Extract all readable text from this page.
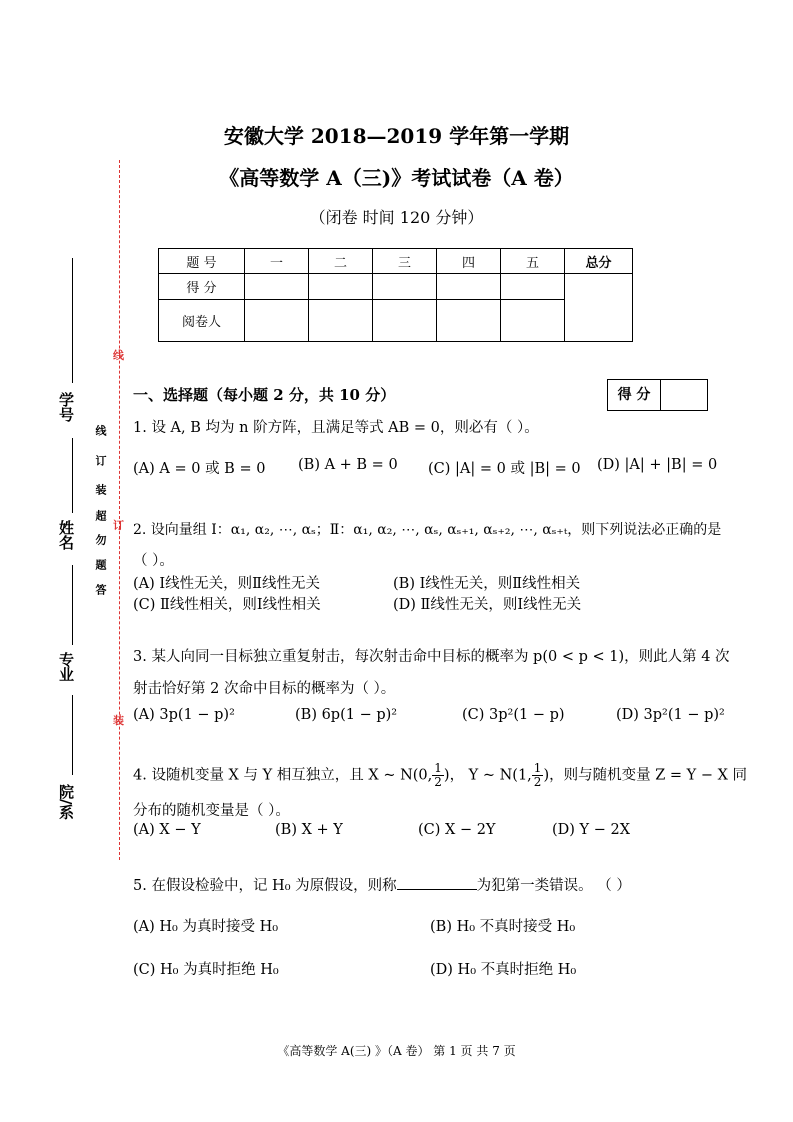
安徽大学 2018—2019 学年第一学期
《高等数学 A（三)》考试试卷（A 卷）
（闭卷 时间 120 分钟）
题 号	一	二	三	四	五	总分
得 分						
阅卷人						
线
订
装
学号
姓名
专业
院/系
线
订
装
超
勿
题
答
一、选择题（每小题 2 分，共 10 分）	得 分
1. 设 A, B 均为 n 阶方阵，且满足等式 AB = 0，则必有（ ）。
(A) A = 0 或 B = 0 (B) A + B = 0 (C) |A| = 0 或 |B| = 0 (D) |A| + |B| = 0
2. 设向量组 Ⅰ：α₁, α₂, ⋯, αₛ；Ⅱ：α₁, α₂, ⋯, αₛ, αₛ₊₁, αₛ₊₂, ⋯, αₛ₊ₜ，则下列说法必正确的是
（ ）。
(A) Ⅰ线性无关，则Ⅱ线性无关	(B) Ⅰ线性无关，则Ⅱ线性相关
(C) Ⅱ线性相关，则Ⅰ线性相关	(D) Ⅱ线性无关，则Ⅰ线性无关
3. 某人向同一目标独立重复射击，每次射击命中目标的概率为 p(0 < p < 1)，则此人第 4 次
射击恰好第 2 次命中目标的概率为（ ）。
(A) 3p(1 − p)²	(B) 6p(1 − p)²	(C) 3p²(1 − p)	(D) 3p²(1 − p)²
4. 设随机变量 X 与 Y 相互独立，且 X ~ N(0, $\frac{1}{2}$)， Y ~ N(1, $\frac{1}{2}$)，则与随机变量 Z = Y − X 同
分布的随机变量是（ ）。
(A) X − Y	(B) X + Y	(C) X − 2Y	(D) Y − 2X
5. 在假设检验中，记 H₀ 为原假设，则称	为犯第一类错误。 （ ）
(A) H₀ 为真时接受 H₀	(B) H₀ 不真时接受 H₀
(C) H₀ 为真时拒绝 H₀	(D) H₀ 不真时拒绝 H₀
《高等数学 A(三) 》（A 卷） 第 1 页 共 7 页
